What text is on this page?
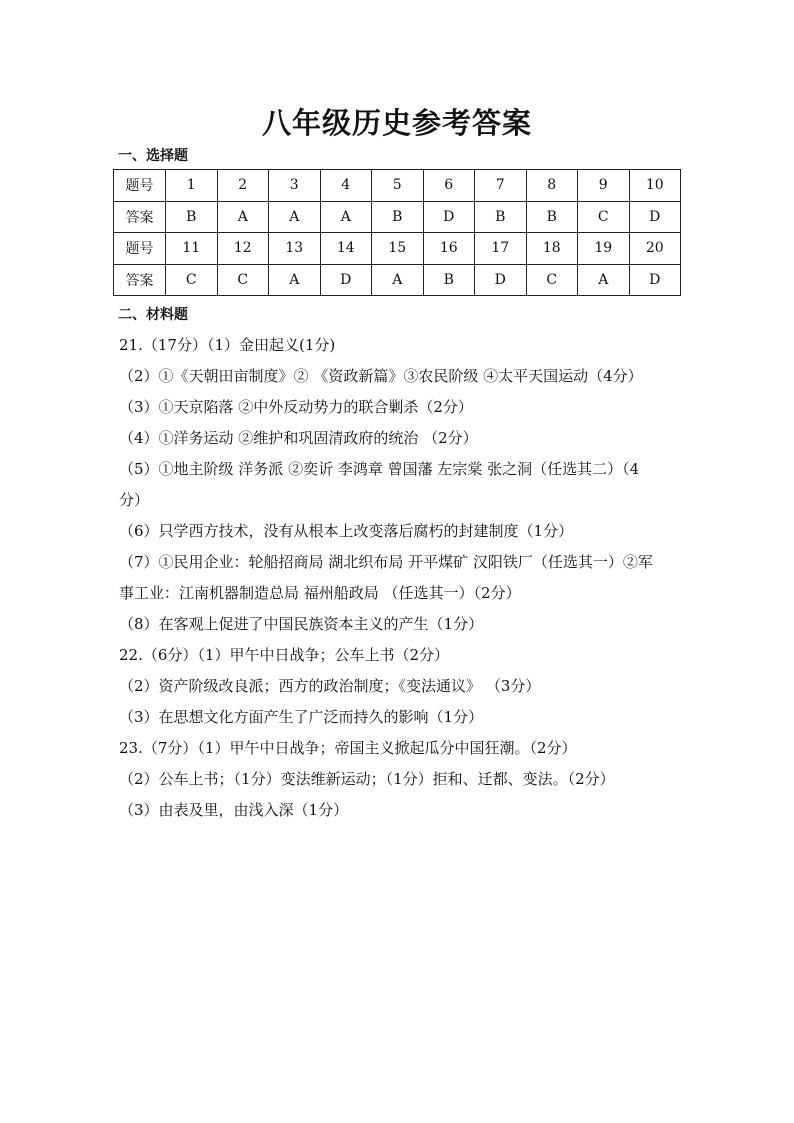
八年级历史参考答案
一、选择题
题号	1	2	3	4	5	6	7	8	9	10
答案	B	A	A	A	B	D	B	B	C	D
题号	11	12	13	14	15	16	17	18	19	20
答案	C	C	A	D	A	B	D	C	A	D
二、材料题
21.（17分）（1）金田起义(1分)
（2）①《天朝田亩制度》② 《资政新篇》③农民阶级 ④太平天国运动（4分）
（3）①天京陷落 ②中外反动势力的联合剿杀（2分）
（4）①洋务运动 ②维护和巩固清政府的统治 （2分）
（5）①地主阶级 洋务派 ②奕䜣 李鸿章 曾国藩 左宗棠 张之洞（任选其二）（4
分）
（6）只学西方技术，没有从根本上改变落后腐朽的封建制度（1分）
（7）①民用企业：轮船招商局 湖北织布局 开平煤矿 汉阳铁厂（任选其一）②军
事工业：江南机器制造总局 福州船政局 （任选其一）（2分）
（8）在客观上促进了中国民族资本主义的产生（1分）
22.（6分）（1）甲午中日战争；公车上书（2分）
（2）资产阶级改良派；西方的政治制度；《变法通议》 （3分）
（3）在思想文化方面产生了广泛而持久的影响（1分）
23.（7分）（1）甲午中日战争；帝国主义掀起瓜分中国狂潮。（2分）
（2）公车上书；（1分）变法维新运动；（1分）拒和、迁都、变法。（2分）
（3）由表及里，由浅入深（1分）
